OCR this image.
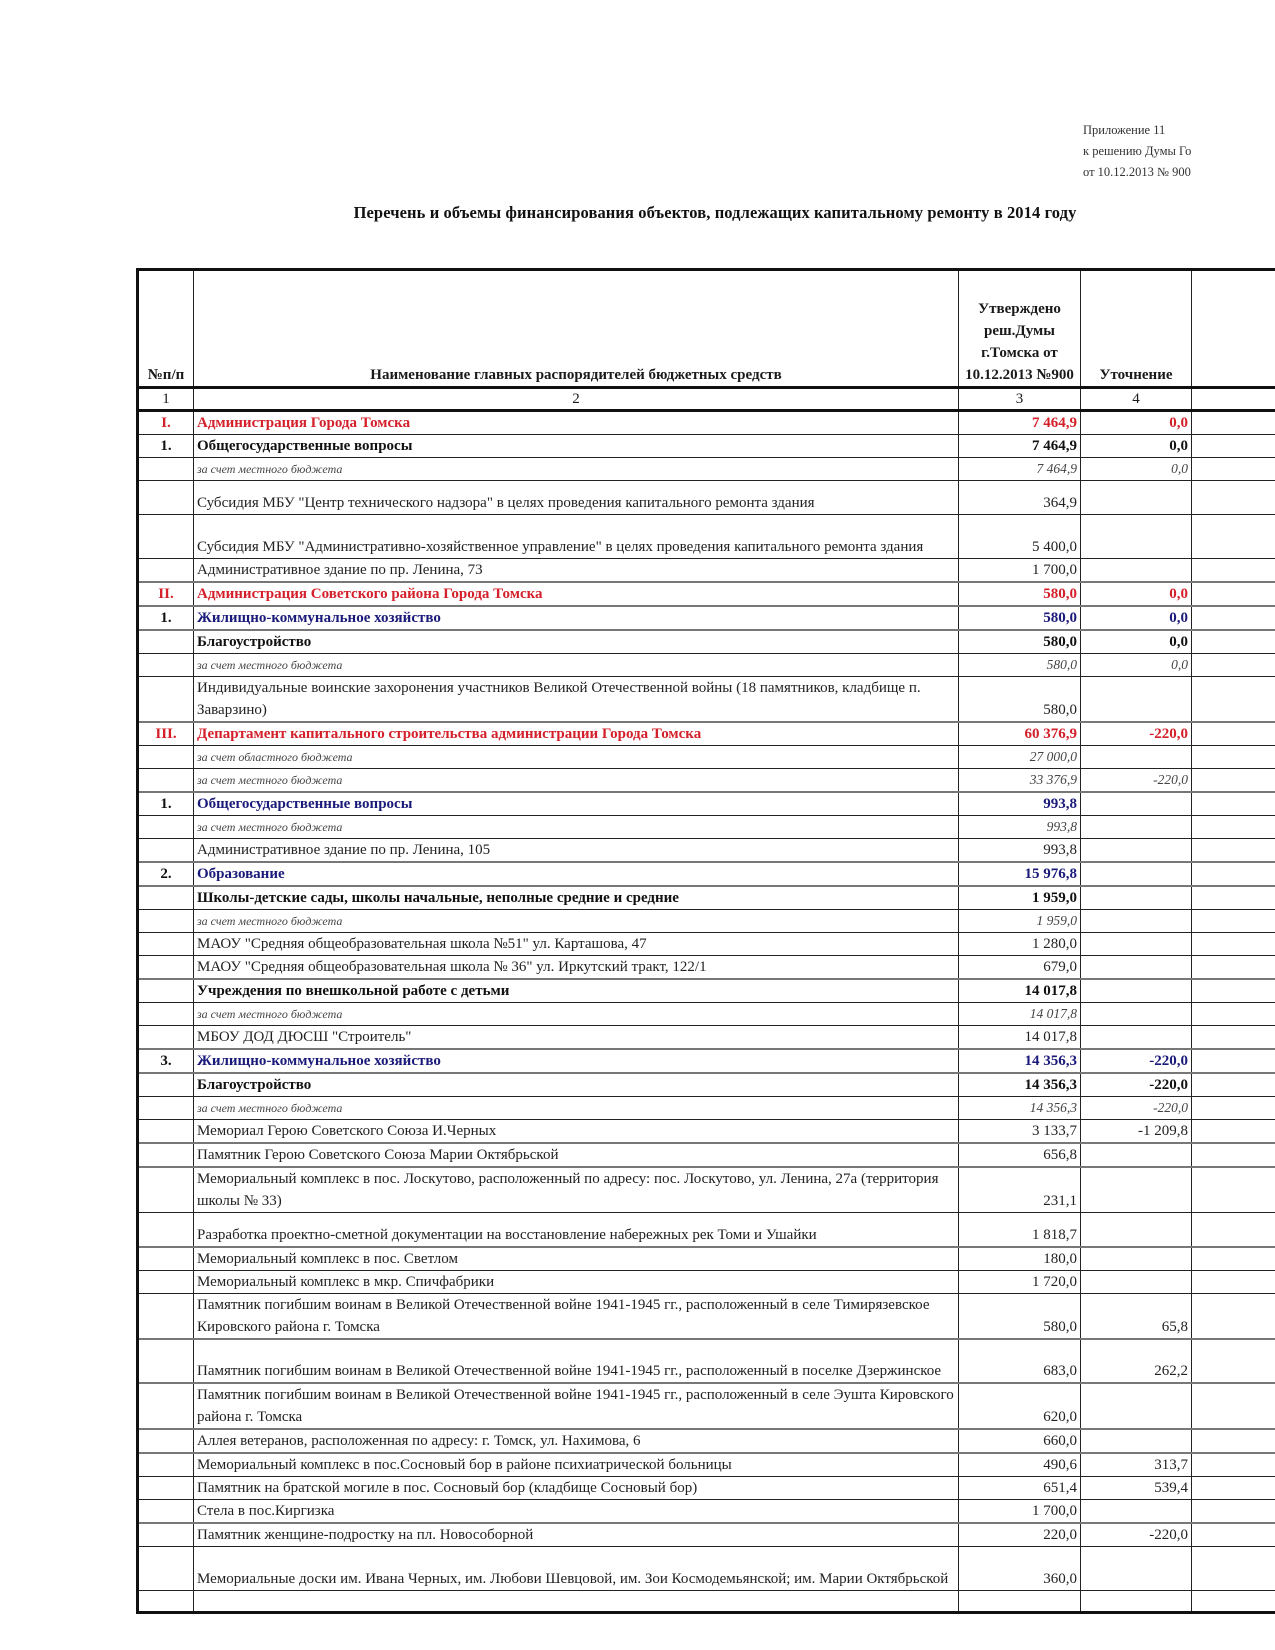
Приложение 11
к решению Думы Го
от 10.12.2013 № 900
Перечень и объемы финансирования объектов, подлежащих капитальному ремонту в 2014 году
№п/п	Наименование главных распорядителей бюджетных средств	Утверждено реш.Думы г.Томска от 10.12.2013 №900	Уточнение	
1	2	3	4	
I.	Администрация Города Томска	7 464,9	0,0	
1.	Общегосударственные вопросы	7 464,9	0,0	
	за счет местного бюджета	7 464,9	0,0	
	Субсидия МБУ "Центр технического надзора" в целях проведения капитального ремонта здания	364,9		
	Субсидия МБУ "Административно-хозяйственное управление" в целях проведения капитального ремонта здания	5 400,0		
	Административное здание по пр. Ленина, 73	1 700,0		
II.	Администрация Советского района Города Томска	580,0	0,0	
1.	Жилищно-коммунальное хозяйство	580,0	0,0	
	Благоустройство	580,0	0,0	
	за счет местного бюджета	580,0	0,0	
	Индивидуальные воинские захоронения участников Великой Отечественной войны (18 памятников, кладбище п. Заварзино)	580,0		
III.	Департамент капитального строительства администрации Города Томска	60 376,9	-220,0	
	за счет областного бюджета	27 000,0		
	за счет местного бюджета	33 376,9	-220,0	
1.	Общегосударственные вопросы	993,8		
	за счет местного бюджета	993,8		
	Административное здание по пр. Ленина, 105	993,8		
2.	Образование	15 976,8		
	Школы-детские сады, школы начальные, неполные средние и средние	1 959,0		
	за счет местного бюджета	1 959,0		
	МАОУ "Средняя общеобразовательная школа №51" ул. Карташова, 47	1 280,0		
	МАОУ "Средняя общеобразовательная школа № 36" ул. Иркутский тракт, 122/1	679,0		
	Учреждения по внешкольной работе с детьми	14 017,8		
	за счет местного бюджета	14 017,8		
	МБОУ ДОД ДЮСШ "Строитель"	14 017,8		
3.	Жилищно-коммунальное хозяйство	14 356,3	-220,0	
	Благоустройство	14 356,3	-220,0	
	за счет местного бюджета	14 356,3	-220,0	
	Мемориал Герою Советского Союза И.Черных	3 133,7	-1 209,8	
	Памятник Герою Советского Союза Марии Октябрьской	656,8		
	Мемориальный комплекс в пос. Лоскутово, расположенный по адресу: пос. Лоскутово, ул. Ленина, 27а (территория школы № 33)	231,1		
	Разработка проектно-сметной документации на восстановление набережных рек Томи и Ушайки	1 818,7		
	Мемориальный комплекс в пос. Светлом	180,0		
	Мемориальный комплекс в мкр. Спичфабрики	1 720,0		
	Памятник погибшим воинам в Великой Отечественной войне 1941-1945 гг., расположенный в селе Тимирязевское Кировского района г. Томска	580,0	65,8	
	Памятник погибшим воинам в Великой Отечественной войне 1941-1945 гг., расположенный в поселке Дзержинское	683,0	262,2	
	Памятник погибшим воинам в Великой Отечественной войне 1941-1945 гг., расположенный в селе Эушта Кировского района г. Томска	620,0		
	Аллея ветеранов, расположенная по адресу: г. Томск, ул. Нахимова, 6	660,0		
	Мемориальный комплекс в пос.Сосновый бор в районе психиатрической больницы	490,6	313,7	
	Памятник на братской могиле в пос. Сосновый бор (кладбище Сосновый бор)	651,4	539,4	
	Стела в пос.Киргизка	1 700,0		
	Памятник женщине-подростку на пл. Новособорной	220,0	-220,0	
	Мемориальные доски им. Ивана Черных, им. Любови Шевцовой, им. Зои Космодемьянской; им. Марии Октябрьской	360,0		
